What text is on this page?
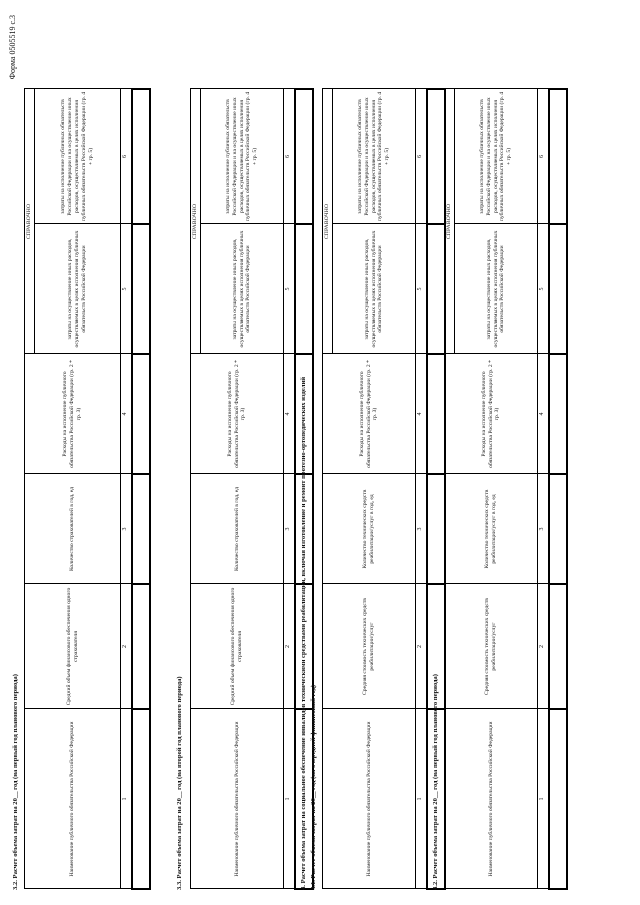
Форма 0505519 с.3
3.2. Расчет объема затрат на 20__ год (на первый год планового периода)	Наименование публичного обязательства Российской Федерации	Средний объем финансового обеспечения одного страхователя	Количество страхователей в год, ед	Расходы на исполнение публичного обязательства Российской Федерации (гр. 2 * гр. 3)	СПРАВОЧНО	
				затраты на осуществление иных расходов, осуществляемых в целях исполнения публичных обязательств Российской Федерации	затраты на исполнение публичных обязательств Российской Федерации и на осуществление иных расходов, осуществляемых в целях исполнения публичных обязательств Российской Федерации (гр. 4 + гр. 5)
1	2	3	4	5	6

3.3. Расчет объема затрат на 20__ год (на второй год планового периода)	Наименование публичного обязательства Российской Федерации	Средний объем финансового обеспечения одного страхователя	Количество страхователей в год, ед	Расходы на исполнение публичного обязательства Российской Федерации (гр. 2 * гр. 3)	СПРАВОЧНО	
				затраты на осуществление иных расходов, осуществляемых в целях исполнения публичных обязательств Российской Федерации	затраты на исполнение публичных обязательств Российской Федерации и на осуществление иных расходов, осуществляемых в целях исполнения публичных обязательств Российской Федерации (гр. 4 + гр. 5)
1	2	3	4	5	6

4. Расчет объема затрат на социальное обеспечение инвалидов техническими средствами реабилитации, включая изготовление и ремонт протезно-ортопедических изделий 4.1. Расчет объема затрат на 20__ год (на очередной финансовый год)	Наименование публичного обязательства Российской Федерации	Средняя стоимость технических средств реабилитации/услуг	Количество технических средств реабилитации/услуг в год, ед	Расходы на исполнение публичного обязательства Российской Федерации (гр. 2 * гр. 3)	СПРАВОЧНО	
				затраты на осуществление иных расходов, осуществляемых в целях исполнения публичных обязательств Российской Федерации	затраты на исполнение публичных обязательств Российской Федерации и на осуществление иных расходов, осуществляемых в целях исполнения публичных обязательств Российской Федерации (гр. 4 + гр. 5)
1	2	3	4	5	6

4.2. Расчет объема затрат на 20__ год (на первый год планового периода)	Наименование публичного обязательства Российской Федерации	Средняя стоимость технических средств реабилитации/услуг	Количество технических средств реабилитации/услуг в год, ед	Расходы на исполнение публичного обязательства Российской Федерации (гр. 2 * гр. 3)	СПРАВОЧНО	
				затраты на осуществление иных расходов, осуществляемых в целях исполнения публичных обязательств Российской Федерации	затраты на исполнение публичных обязательств Российской Федерации и на осуществление иных расходов, осуществляемых в целях исполнения публичных обязательств Российской Федерации (гр. 4 + гр. 5)
1	2	3	4	5	6
